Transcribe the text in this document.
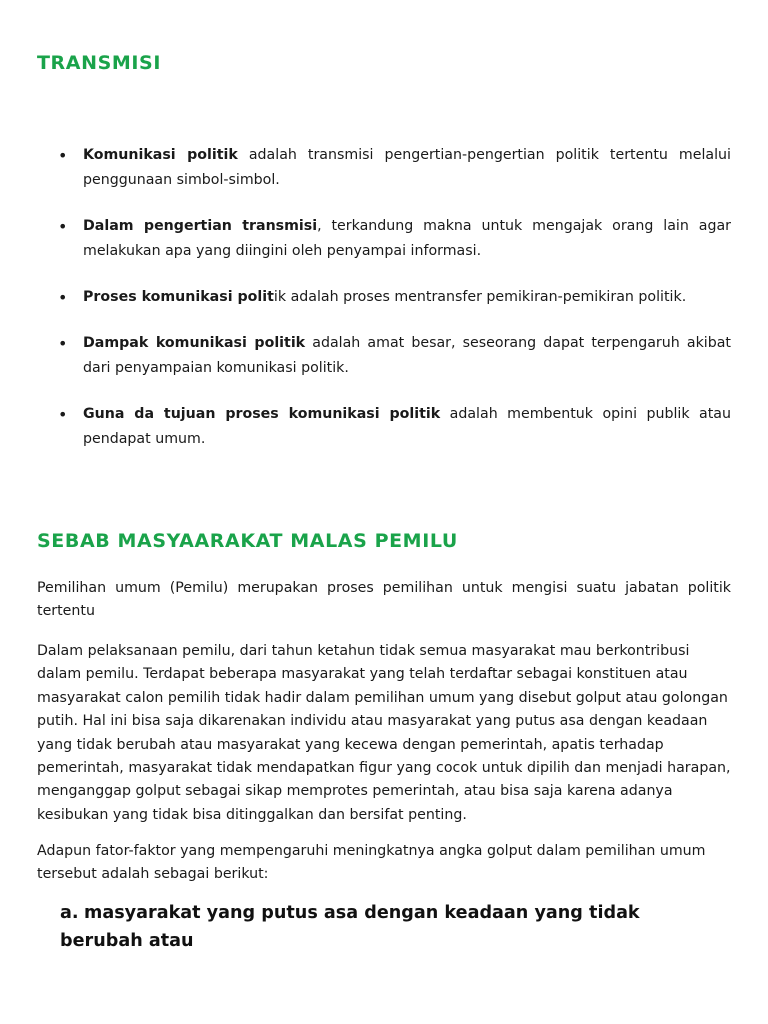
TRANSMISI
• Komunikasi politik adalah transmisi pengertian-pengertian politik tertentu melalui penggunaan simbol-simbol.
• Dalam pengertian transmisi, terkandung makna untuk mengajak orang lain agar melakukan apa yang diingini oleh penyampai informasi.
• Proses komunikasi politik adalah proses mentransfer pemikiran-pemikiran politik.
• Dampak komunikasi politik adalah amat besar, seseorang dapat terpengaruh akibat dari penyampaian komunikasi politik.
• Guna da tujuan proses komunikasi politik adalah membentuk opini publik atau pendapat umum.
SEBAB MASYAARAKAT MALAS PEMILU

Pemilihan umum (Pemilu) merupakan proses pemilihan untuk mengisi suatu jabatan politik tertentu

Dalam pelaksanaan pemilu, dari tahun ketahun tidak semua masyarakat mau berkontribusi dalam pemilu. Terdapat beberapa masyarakat yang telah terdaftar sebagai konstituen atau masyarakat calon pemilih tidak hadir dalam pemilihan umum yang disebut golput atau golongan putih. Hal ini bisa saja dikarenakan individu atau masyarakat yang putus asa dengan keadaan yang tidak berubah atau masyarakat yang kecewa dengan pemerintah, apatis terhadap pemerintah, masyarakat tidak mendapatkan figur yang cocok untuk dipilih dan menjadi harapan, menganggap golput sebagai sikap memprotes pemerintah, atau bisa saja karena adanya kesibukan yang tidak bisa ditinggalkan dan bersifat penting.

Adapun fator-faktor yang mempengaruhi meningkatnya angka golput dalam pemilihan umum tersebut adalah sebagai berikut:

a. masyarakat yang putus asa dengan keadaan yang tidak berubah atau
